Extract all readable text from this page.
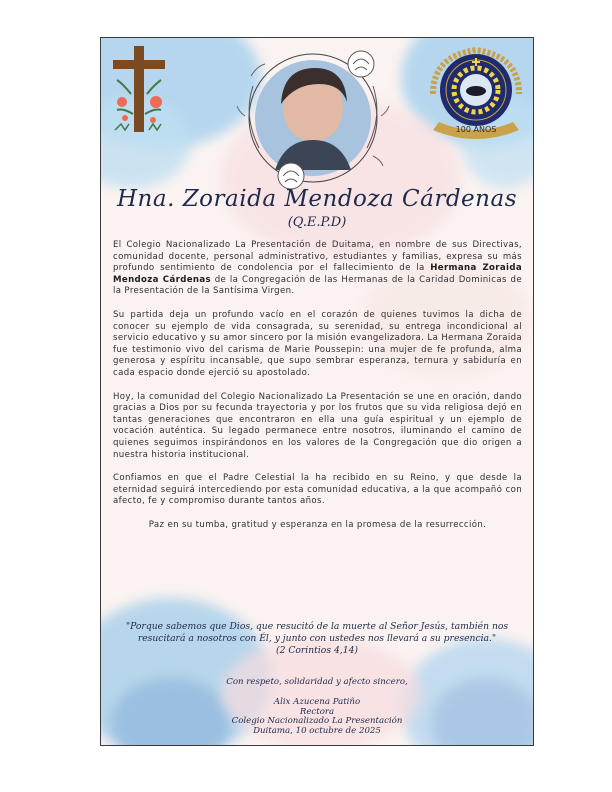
100 AÑOS
Hna. Zoraida Mendoza Cárdenas
(Q.E.P.D)

El Colegio Nacionalizado La Presentación de Duitama, en nombre de sus Directivas, comunidad docente, personal administrativo, estudiantes y familias, expresa su más profundo sentimiento de condolencia por el fallecimiento de la Hermana Zoraida Mendoza Cárdenas de la Congregación de las Hermanas de la Caridad Dominicas de la Presentación de la Santísima Virgen.

Su partida deja un profundo vacío en el corazón de quienes tuvimos la dicha de conocer su ejemplo de vida consagrada, su serenidad, su entrega incondicional al servicio educativo y su amor sincero por la misión evangelizadora. La Hermana Zoraida fue testimonio vivo del carisma de Marie Poussepin: una mujer de fe profunda, alma generosa y espíritu incansable, que supo sembrar esperanza, ternura y sabiduría en cada espacio donde ejerció su apostolado.

Hoy, la comunidad del Colegio Nacionalizado La Presentación se une en oración, dando gracias a Dios por su fecunda trayectoria y por los frutos que su vida religiosa dejó en tantas generaciones que encontraron en ella una guía espiritual y un ejemplo de vocación auténtica. Su legado permanece entre nosotros, iluminando el camino de quienes seguimos inspirándonos en los valores de la Congregación que dio origen a nuestra historia institucional.

Confiamos en que el Padre Celestial la ha recibido en su Reino, y que desde la eternidad seguirá intercediendo por esta comunidad educativa, a la que acompañó con afecto, fe y compromiso durante tantos años.

Paz en su tumba, gratitud y esperanza en la promesa de la resurrección.

"Porque sabemos que Dios, que resucitó de la muerte al Señor Jesús, también nos
resucitará a nosotros con Él, y junto con ustedes nos llevará a su presencia."
(2 Corintios 4,14)
Con respeto, solidaridad y afecto sincero,
Alix Azucena Patiño
Rectora
Colegio Nacionalizado La Presentación
Duitama, 10 octubre de 2025
